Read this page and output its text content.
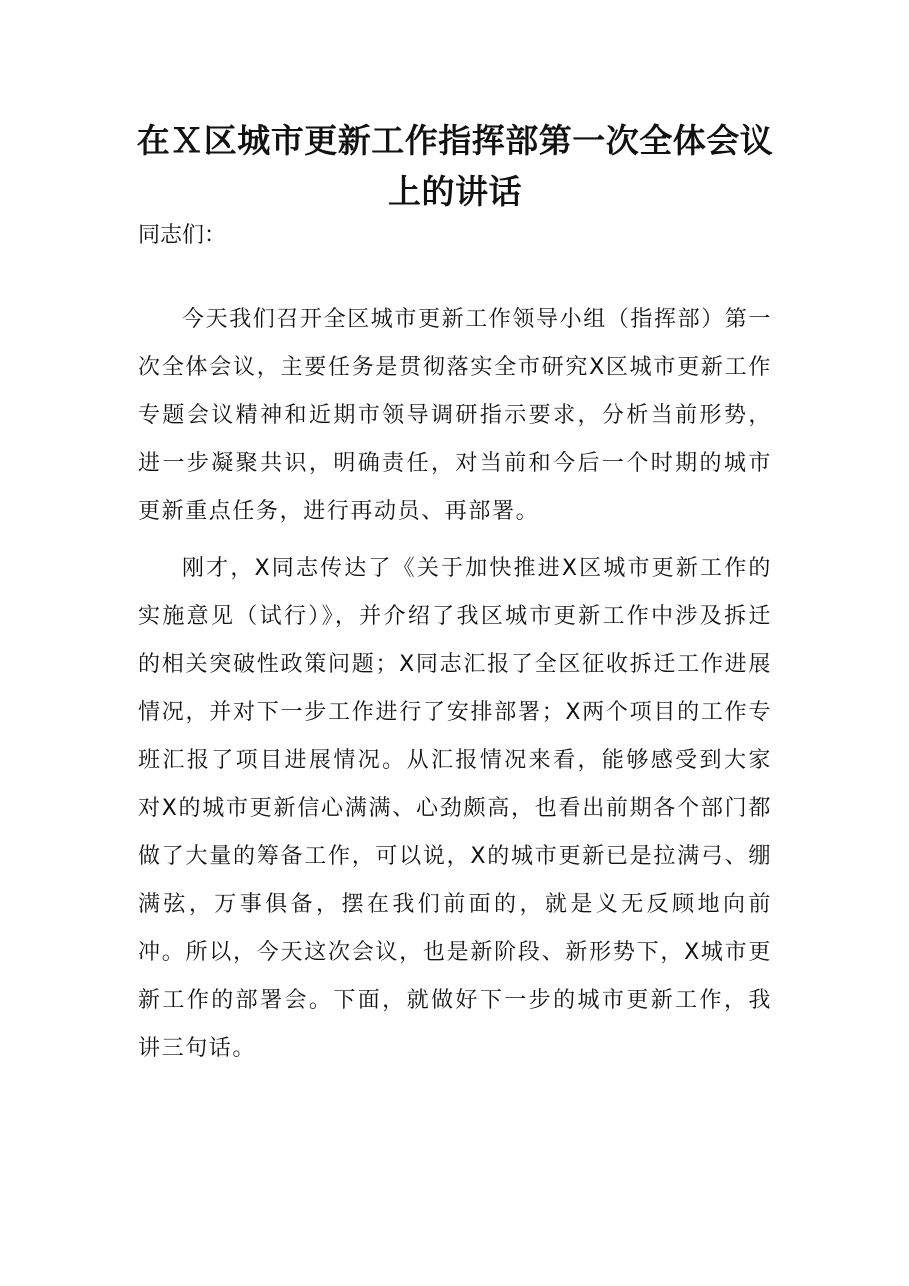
在Ｘ区城市更新工作指挥部第一次全体会议上的讲话

同志们：

今天我们召开全区城市更新工作领导小组（指挥部）第一次全体会议，主要任务是贯彻落实全市研究X区城市更新工作专题会议精神和近期市领导调研指示要求，分析当前形势，进一步凝聚共识，明确责任，对当前和今后一个时期的城市更新重点任务，进行再动员、再部署。

刚才，X同志传达了《关于加快推进X区城市更新工作的实施意见（试行）》，并介绍了我区城市更新工作中涉及拆迁的相关突破性政策问题；X同志汇报了全区征收拆迁工作进展情况，并对下一步工作进行了安排部署；X两个项目的工作专班汇报了项目进展情况。从汇报情况来看，能够感受到大家对X的城市更新信心满满、心劲颇高，也看出前期各个部门都做了大量的筹备工作，可以说，X的城市更新已是拉满弓、绷满弦，万事俱备，摆在我们前面的，就是义无反顾地向前冲。所以，今天这次会议，也是新阶段、新形势下，X城市更新工作的部署会。下面，就做好下一步的城市更新工作，我讲三句话。
